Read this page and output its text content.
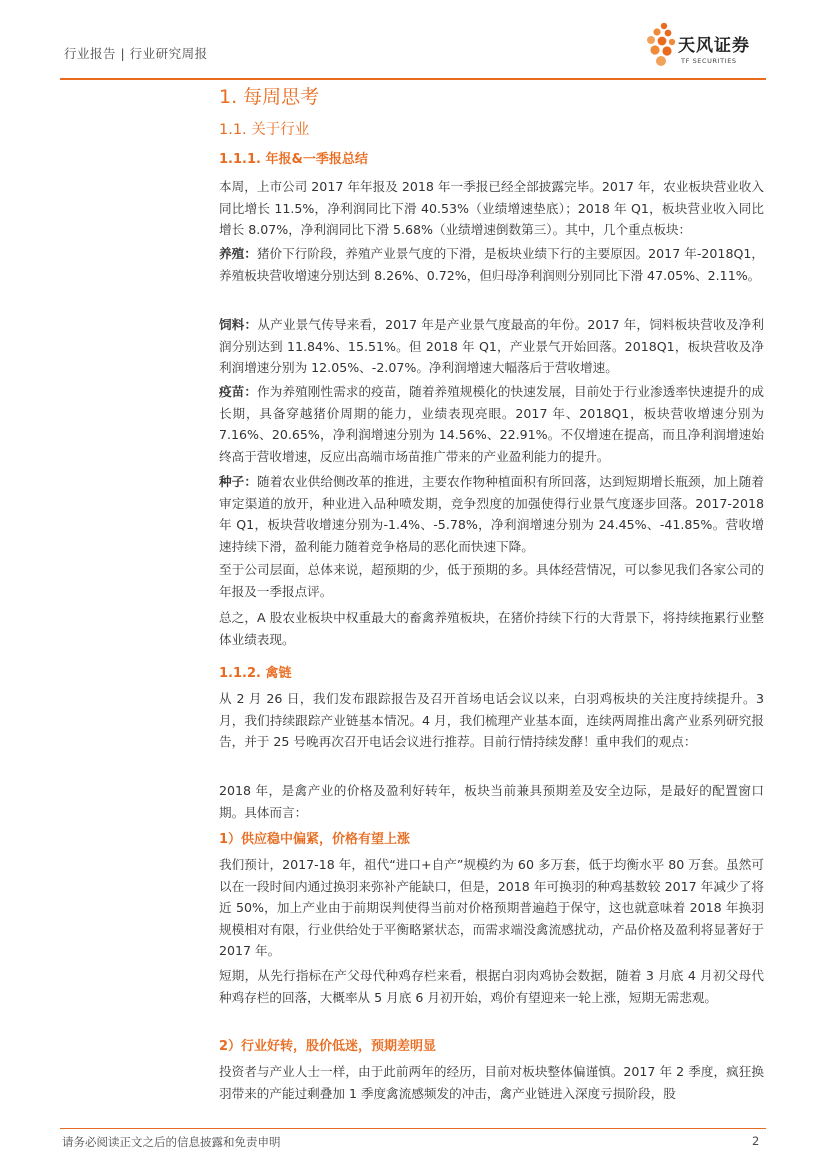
行业报告 | 行业研究周报	天风证券
TF SECURITIES
1. 每周思考
1.1. 关于行业
1.1.1. 年报&一季报总结
本周，上市公司 2017 年年报及 2018 年一季报已经全部披露完毕。2017 年，农业板块营业收入同比增长 11.5%，净利润同比下滑 40.53%（业绩增速垫底）；2018 年 Q1，板块营业收入同比增长 8.07%，净利润同比下滑 5.68%（业绩增速倒数第三）。其中，几个重点板块：
养殖：猪价下行阶段，养殖产业景气度的下滑，是板块业绩下行的主要原因。2017 年-2018Q1，养殖板块营收增速分别达到 8.26%、0.72%，但归母净利润则分别同比下滑 47.05%、2.11%。
饲料：从产业景气传导来看，2017 年是产业景气度最高的年份。2017 年，饲料板块营收及净利润分别达到 11.84%、15.51%。但 2018 年 Q1，产业景气开始回落。2018Q1，板块营收及净利润增速分别为 12.05%、-2.07%。净利润增速大幅落后于营收增速。
疫苗：作为养殖刚性需求的疫苗，随着养殖规模化的快速发展，目前处于行业渗透率快速提升的成长期，具备穿越猪价周期的能力，业绩表现亮眼。2017 年、2018Q1，板块营收增速分别为 7.16%、20.65%，净利润增速分别为 14.56%、22.91%。不仅增速在提高，而且净利润增速始终高于营收增速，反应出高端市场苗推广带来的产业盈利能力的提升。
种子：随着农业供给侧改革的推进，主要农作物种植面积有所回落，达到短期增长瓶颈，加上随着审定渠道的放开，种业进入品种喷发期，竞争烈度的加强使得行业景气度逐步回落。2017-2018 年 Q1，板块营收增速分别为-1.4%、-5.78%，净利润增速分别为 24.45%、-41.85%。营收增速持续下滑，盈利能力随着竞争格局的恶化而快速下降。
至于公司层面，总体来说，超预期的少，低于预期的多。具体经营情况，可以参见我们各家公司的年报及一季报点评。
总之，A 股农业板块中权重最大的畜禽养殖板块，在猪价持续下行的大背景下，将持续拖累行业整体业绩表现。
1.1.2. 禽链
从 2 月 26 日，我们发布跟踪报告及召开首场电话会议以来，白羽鸡板块的关注度持续提升。3 月，我们持续跟踪产业链基本情况。4 月，我们梳理产业基本面，连续两周推出禽产业系列研究报告，并于 25 号晚再次召开电话会议进行推荐。目前行情持续发酵！重申我们的观点：
2018 年，是禽产业的价格及盈利好转年，板块当前兼具预期差及安全边际，是最好的配置窗口期。具体而言：
1）供应稳中偏紧，价格有望上涨
我们预计，2017-18 年，祖代“进口+自产”规模约为 60 多万套，低于均衡水平 80 万套。虽然可以在一段时间内通过换羽来弥补产能缺口，但是，2018 年可换羽的种鸡基数较 2017 年减少了将近 50%，加上产业由于前期误判使得当前对价格预期普遍趋于保守，这也就意味着 2018 年换羽规模相对有限，行业供给处于平衡略紧状态，而需求端没禽流感扰动，产品价格及盈利将显著好于 2017 年。
短期，从先行指标在产父母代种鸡存栏来看，根据白羽肉鸡协会数据，随着 3 月底 4 月初父母代种鸡存栏的回落，大概率从 5 月底 6 月初开始，鸡价有望迎来一轮上涨，短期无需悲观。
2）行业好转，股价低迷，预期差明显
投资者与产业人士一样，由于此前两年的经历，目前对板块整体偏谨慎。2017 年 2 季度，疯狂换羽带来的产能过剩叠加 1 季度禽流感频发的冲击，禽产业链进入深度亏损阶段，股
请务必阅读正文之后的信息披露和免责申明	2
